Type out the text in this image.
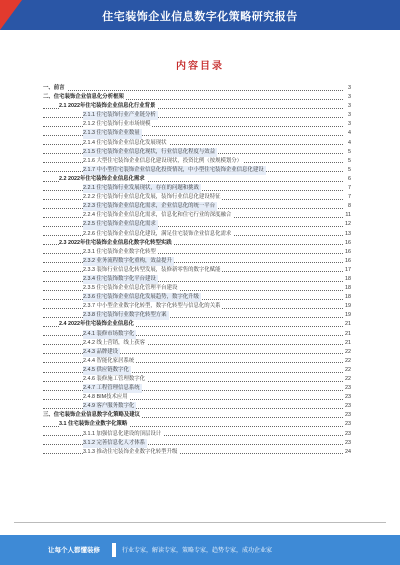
住宅装饰企业信息数字化策略研究报告
内容目录
一、前言	3
二、住宅装饰企业信息化分析框架	3
2.1 2022年住宅装饰企业信息化行业背景	3
2.1.1 住宅装饰行业产业链分析	3
2.1.2 住宅装饰行业市场规模	3
2.1.3 住宅装饰企业数量	4
2.1.4 住宅装饰企业信息化发展现状	4
2.1.5 住宅装饰企业信息化现状，行业信息化程度与效益	5
2.1.6 大型住宅装饰企业信息化建设现状，投资比例（按规模划分）	5
2.1.7 中小型住宅装饰企业信息化投资情况，中小型住宅装饰企业信息化建设	5
2.2 2022年住宅装饰企业信息化需求	6
2.2.1 住宅装饰行业发展现状，存在的问题和挑战	7
2.2.2 住宅装饰行业信息化发展，装饰行业信息化建设特征	7
2.2.3 住宅装饰企业信息化需求，企业信息化的统一平台	8
2.2.4 住宅装饰企业信息化需求，信息化和住宅行业的深度融合	11
2.2.5 住宅装饰企业信息化需求	12
2.2.6 住宅装饰企业信息化建设，满足住宅装饰企业信息化需求	13
2.3 2022年住宅装饰企业信息化数字化转型实践	16
2.3.1 住宅装饰企业数字化转型	16
2.3.2 业务流程数字化重构，效益提升	16
2.3.3 装饰行业信息化转型发展，装修新零售的数字化赋能	17
2.3.4 住宅装饰数字化平台建设	18
2.3.5 住宅装饰企业信息化管理平台建设	18
2.3.6 住宅装饰企业信息化发展趋势，数字化升级	18
2.3.7 中小型企业数字化转型，数字化转型与信息化的关系	19
2.3.8 住宅装饰行业数字化转型方案	19
2.4 2022年住宅装饰企业信息化	21
2.4.1 装修市场数字化	21
2.4.2 线上营销，线上获客	21
2.4.3 品牌建设	22
2.4.4 智能化家居系统	22
2.4.5 供应链数字化	22
2.4.6 装修施工管理数字化	22
2.4.7 工程管理信息系统	23
2.4.8 BIM技术应用	23
2.4.9 客户服务数字化	23
三、住宅装饰企业信息数字化策略及建议	23
3.1 住宅装饰企业数字化策略	23
3.1.1 加强信息化建设的顶层设计	23
3.1.2 完善信息化人才体系	23
3.1.3 推动住宅装饰企业数字化转型升级	24
让每个人都懂装修	行业专家，解读专家，策略专家，趋势专家，成功企业家
